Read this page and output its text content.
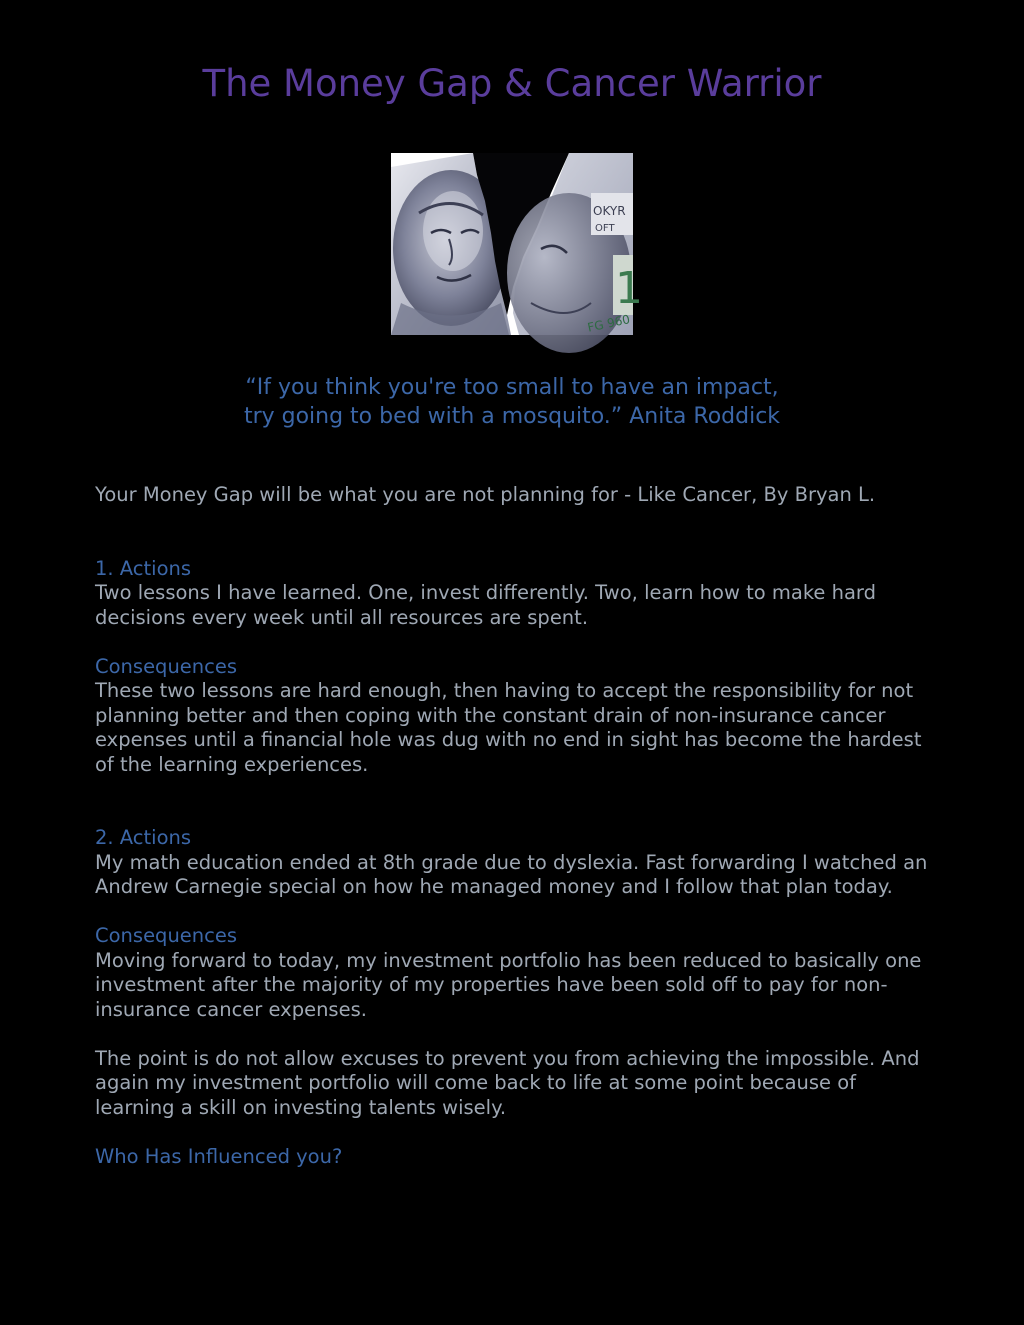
The Money Gap & Cancer Warrior
OKYR
OFT
1
FG 960
“If you think you're too small to have an impact,
try going to bed with a mosquito.” Anita Roddick

Your Money Gap will be what you are not planning for - Like Cancer, By Bryan L.

1. Actions

Two lessons I have learned. One, invest differently. Two, learn how to make hard decisions every week until all resources are spent.

Consequences

These two lessons are hard enough, then having to accept the responsibility for not planning better and then coping with the constant drain of non-insurance cancer expenses until a financial hole was dug with no end in sight has become the hardest of the learning experiences.

2. Actions

My math education ended at 8th grade due to dyslexia. Fast forwarding I watched an Andrew Carnegie special on how he managed money and I follow that plan today.

Consequences

Moving forward to today, my investment portfolio has been reduced to basically one investment after the majority of my properties have been sold off to pay for non-insurance cancer expenses.

The point is do not allow excuses to prevent you from achieving the impossible. And again my investment portfolio will come back to life at some point because of learning a skill on investing talents wisely.

Who Has Influenced you?
